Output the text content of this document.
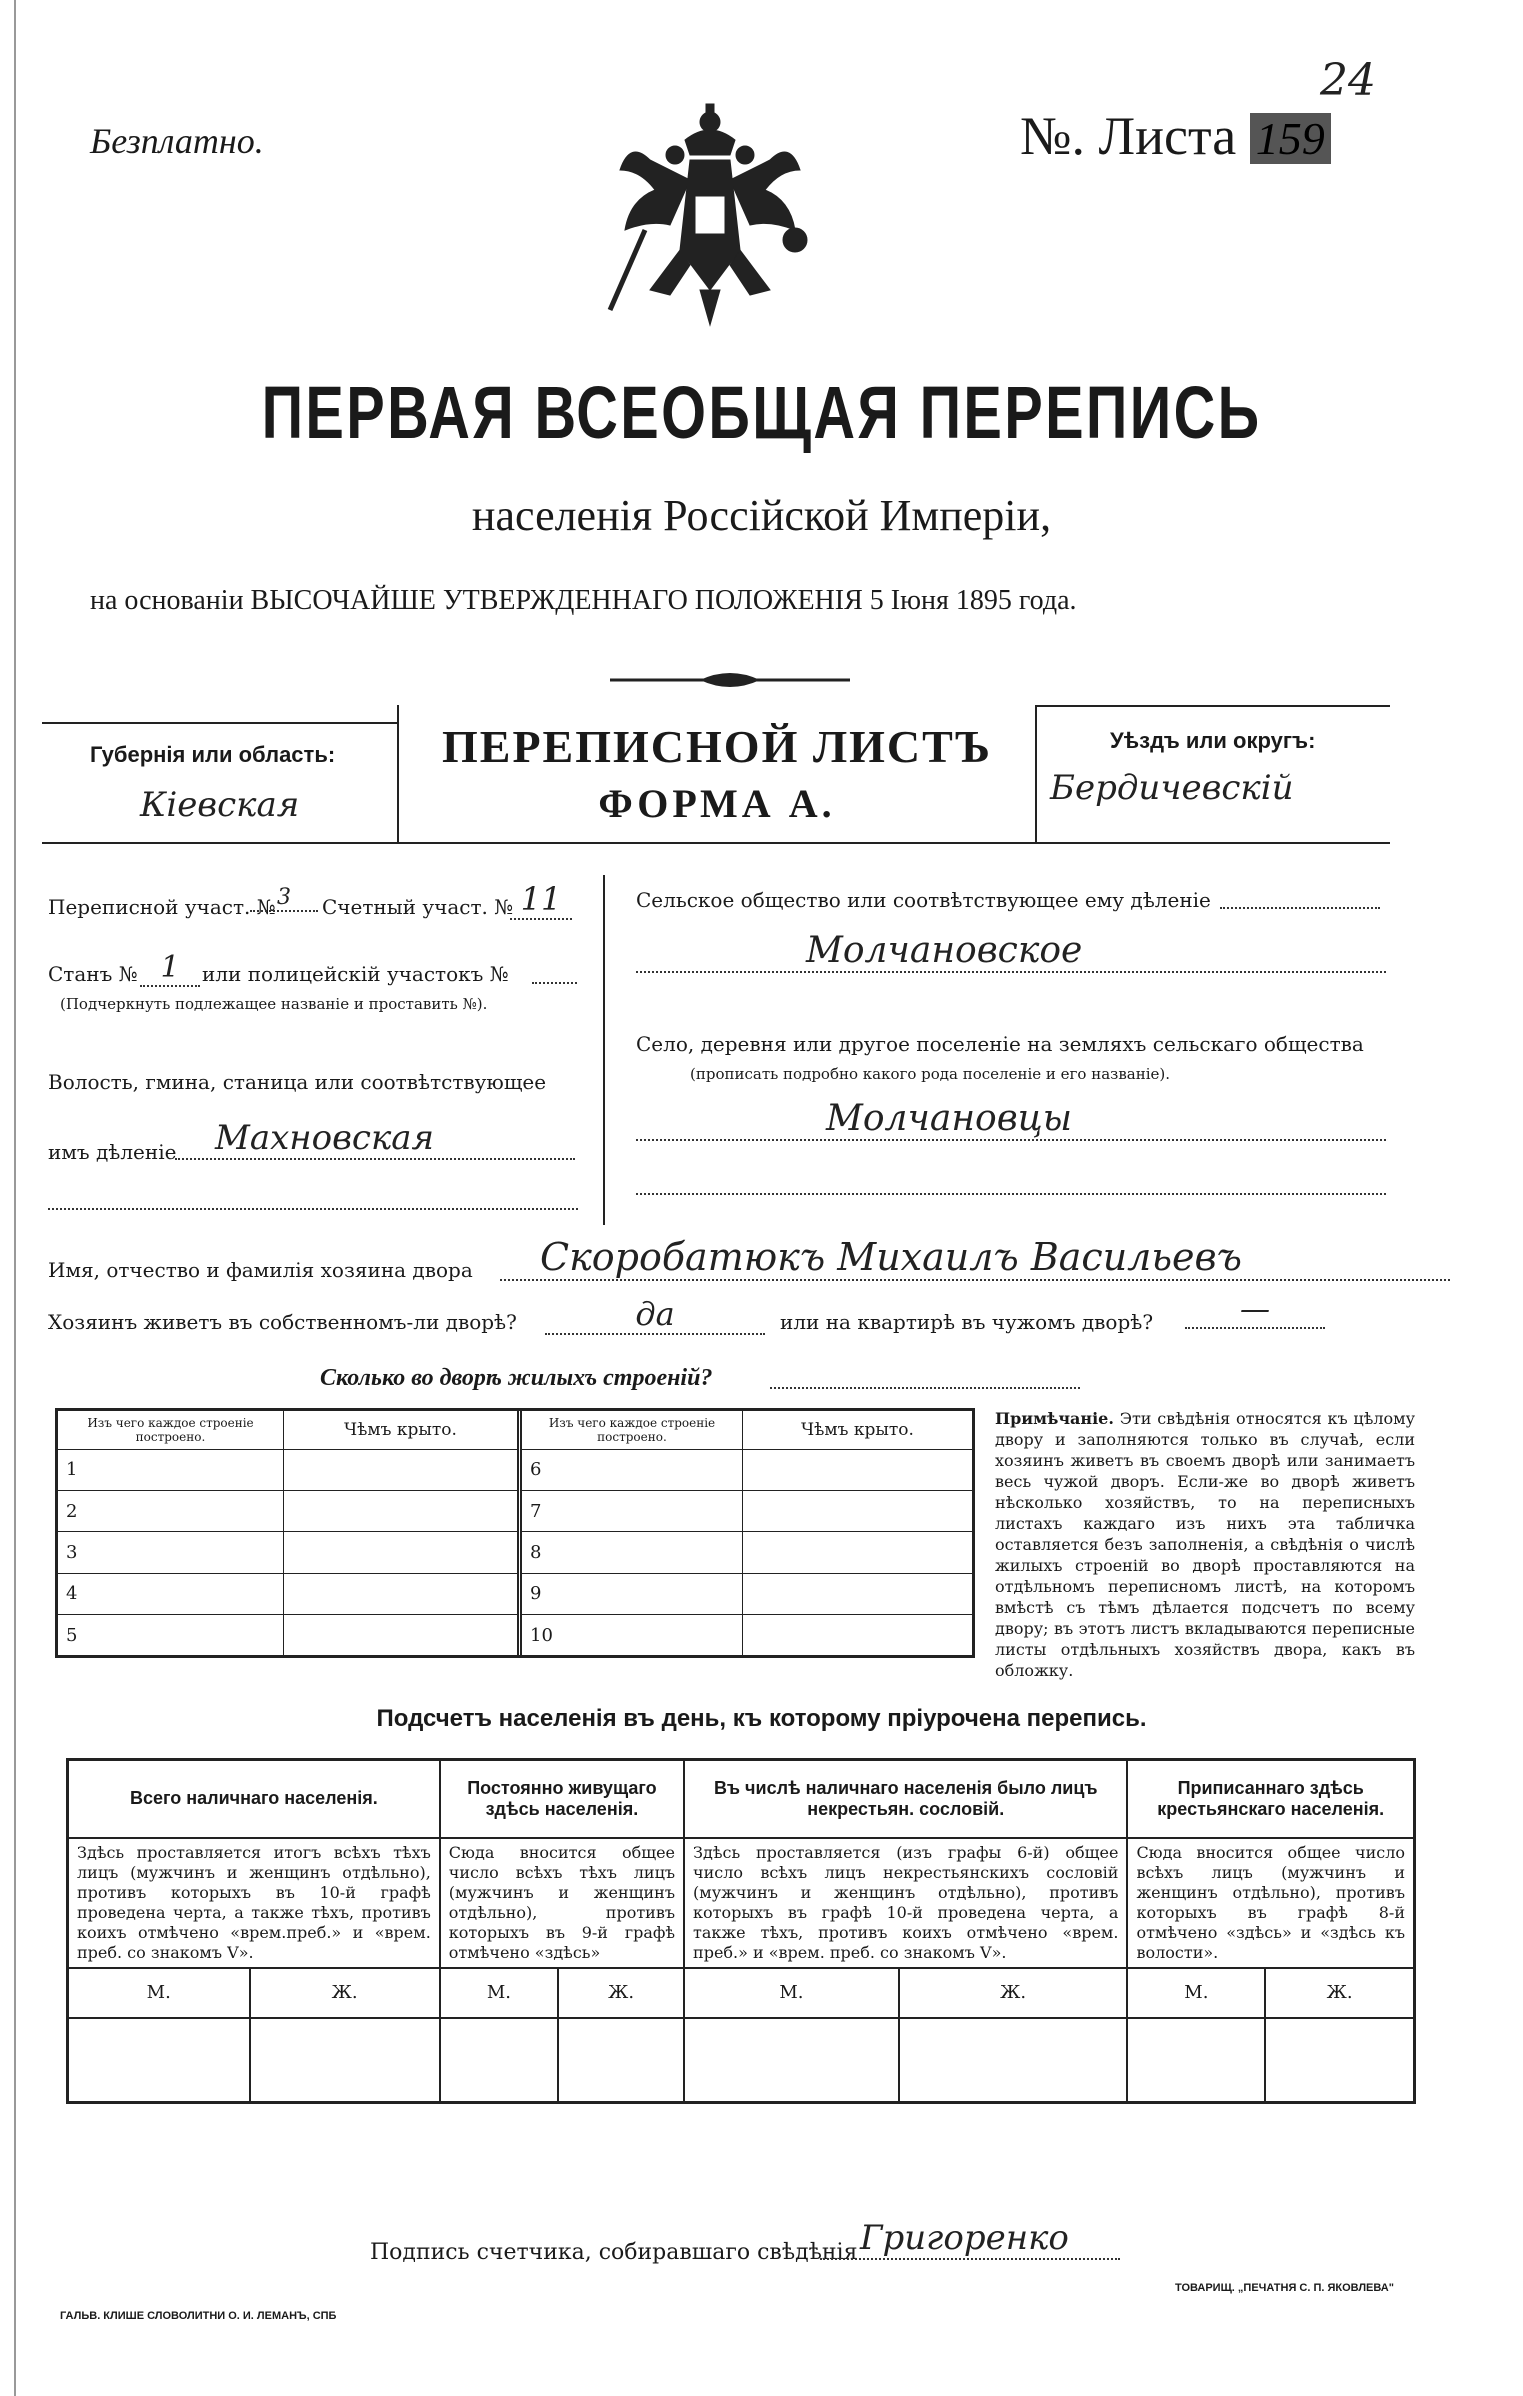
Безплатно.	№. Листа 159
24
ПЕРВАЯ ВСЕОБЩАЯ ПЕРЕПИСЬ
населенія Россійской Имперіи,
на основаніи ВЫСОЧАЙШЕ УТВЕРЖДЕННАГО ПОЛОЖЕНІЯ 5 Іюня 1895 года.
Губернія или область:
Кіевская
ПЕРЕПИСНОЙ ЛИСТЪ
ФОРМА А.
Уѣздъ или округъ:
Бердичевскій
Переписной участ. № 3	Счетный участ. № 11
Станъ № 1	или полицейскій участокъ №
(Подчеркнуть подлежащее названіе и проставить №).
Волость, гмина, станица или соотвѣтствующее
имъ дѣленіе	Махновская
Сельское общество или соотвѣтствующее ему дѣленіе
Молчановское
Село, деревня или другое поселеніе на земляхъ сельскаго общества
(прописать подробно какого рода поселеніе и его названіе).
Молчановцы
Имя, отчество и фамилія хозяина двора	Скоробатюкъ Михаилъ Васильевъ
Хозяинъ живетъ въ собственномъ-ли дворѣ?	да	или на квартирѣ въ чужомъ дворѣ?	—
Сколько во дворѣ жилыхъ строеній?
Изъ чего каждое строеніе построено.	Чѣмъ крыто.
1	
2	
3	
4	
5	
Изъ чего каждое строеніе построено.	Чѣмъ крыто.
6	
7	
8	
9	
10	
Примѣчаніе. Эти свѣдѣнія относятся къ цѣлому двору и заполняются только въ случаѣ, если хозяинъ живетъ въ своемъ дворѣ или занимаетъ весь чужой дворъ. Если-же во дворѣ живетъ нѣсколько хозяйствъ, то на переписныхъ листахъ каждаго изъ нихъ эта табличка оставляется безъ заполненія, а свѣдѣнія о числѣ жилыхъ строеній во дворѣ проставляются на отдѣльномъ переписномъ листѣ, на которомъ вмѣстѣ съ тѣмъ дѣлается подсчетъ по всему двору; въ этотъ листъ вкладываются переписные листы отдѣльныхъ хозяйствъ двора, какъ въ обложку.
Подсчетъ населенія въ день, къ которому пріурочена перепись.
Всего наличнаго населенія.		Постоянно живущаго здѣсь населенія.		Въ числѣ наличнаго населенія было лицъ некрестьян. сословій.		Приписаннаго здѣсь крестьянскаго населенія.	
Здѣсь проставляется итогъ всѣхъ тѣхъ лицъ (мужчинъ и женщинъ отдѣльно), противъ которыхъ въ 10-й графѣ проведена черта, а также тѣхъ, противъ коихъ отмѣчено «врем.преб.» и «врем. преб. со знакомъ V».		Сюда вносится общее число всѣхъ тѣхъ лицъ (мужчинъ и женщинъ отдѣльно), противъ которыхъ въ 9-й графѣ отмѣчено «здѣсь»		Здѣсь проставляется (изъ графы 6-й) общее число всѣхъ лицъ некрестьянскихъ сословій (мужчинъ и женщинъ отдѣльно), противъ которыхъ въ графѣ 10-й проведена черта, а также тѣхъ, противъ коихъ отмѣчено «врем. преб.» и «врем. преб. со знакомъ V».		Сюда вносится общее число всѣхъ лицъ (мужчинъ и женщинъ отдѣльно), противъ которыхъ въ графѣ 8-й отмѣчено «здѣсь» и «здѣсь къ волости».	
М.	Ж.	М.	Ж.	М.	Ж.	М.	Ж.

Подпись счетчика, собиравшаго свѣдѣнія Григоренко
ГАЛЬВ. КЛИШЕ СЛОВОЛИТНИ О. И. ЛЕМАНЪ, СПБ
ТОВАРИЩ. „ПЕЧАТНЯ С. П. ЯКОВЛЕВА"
